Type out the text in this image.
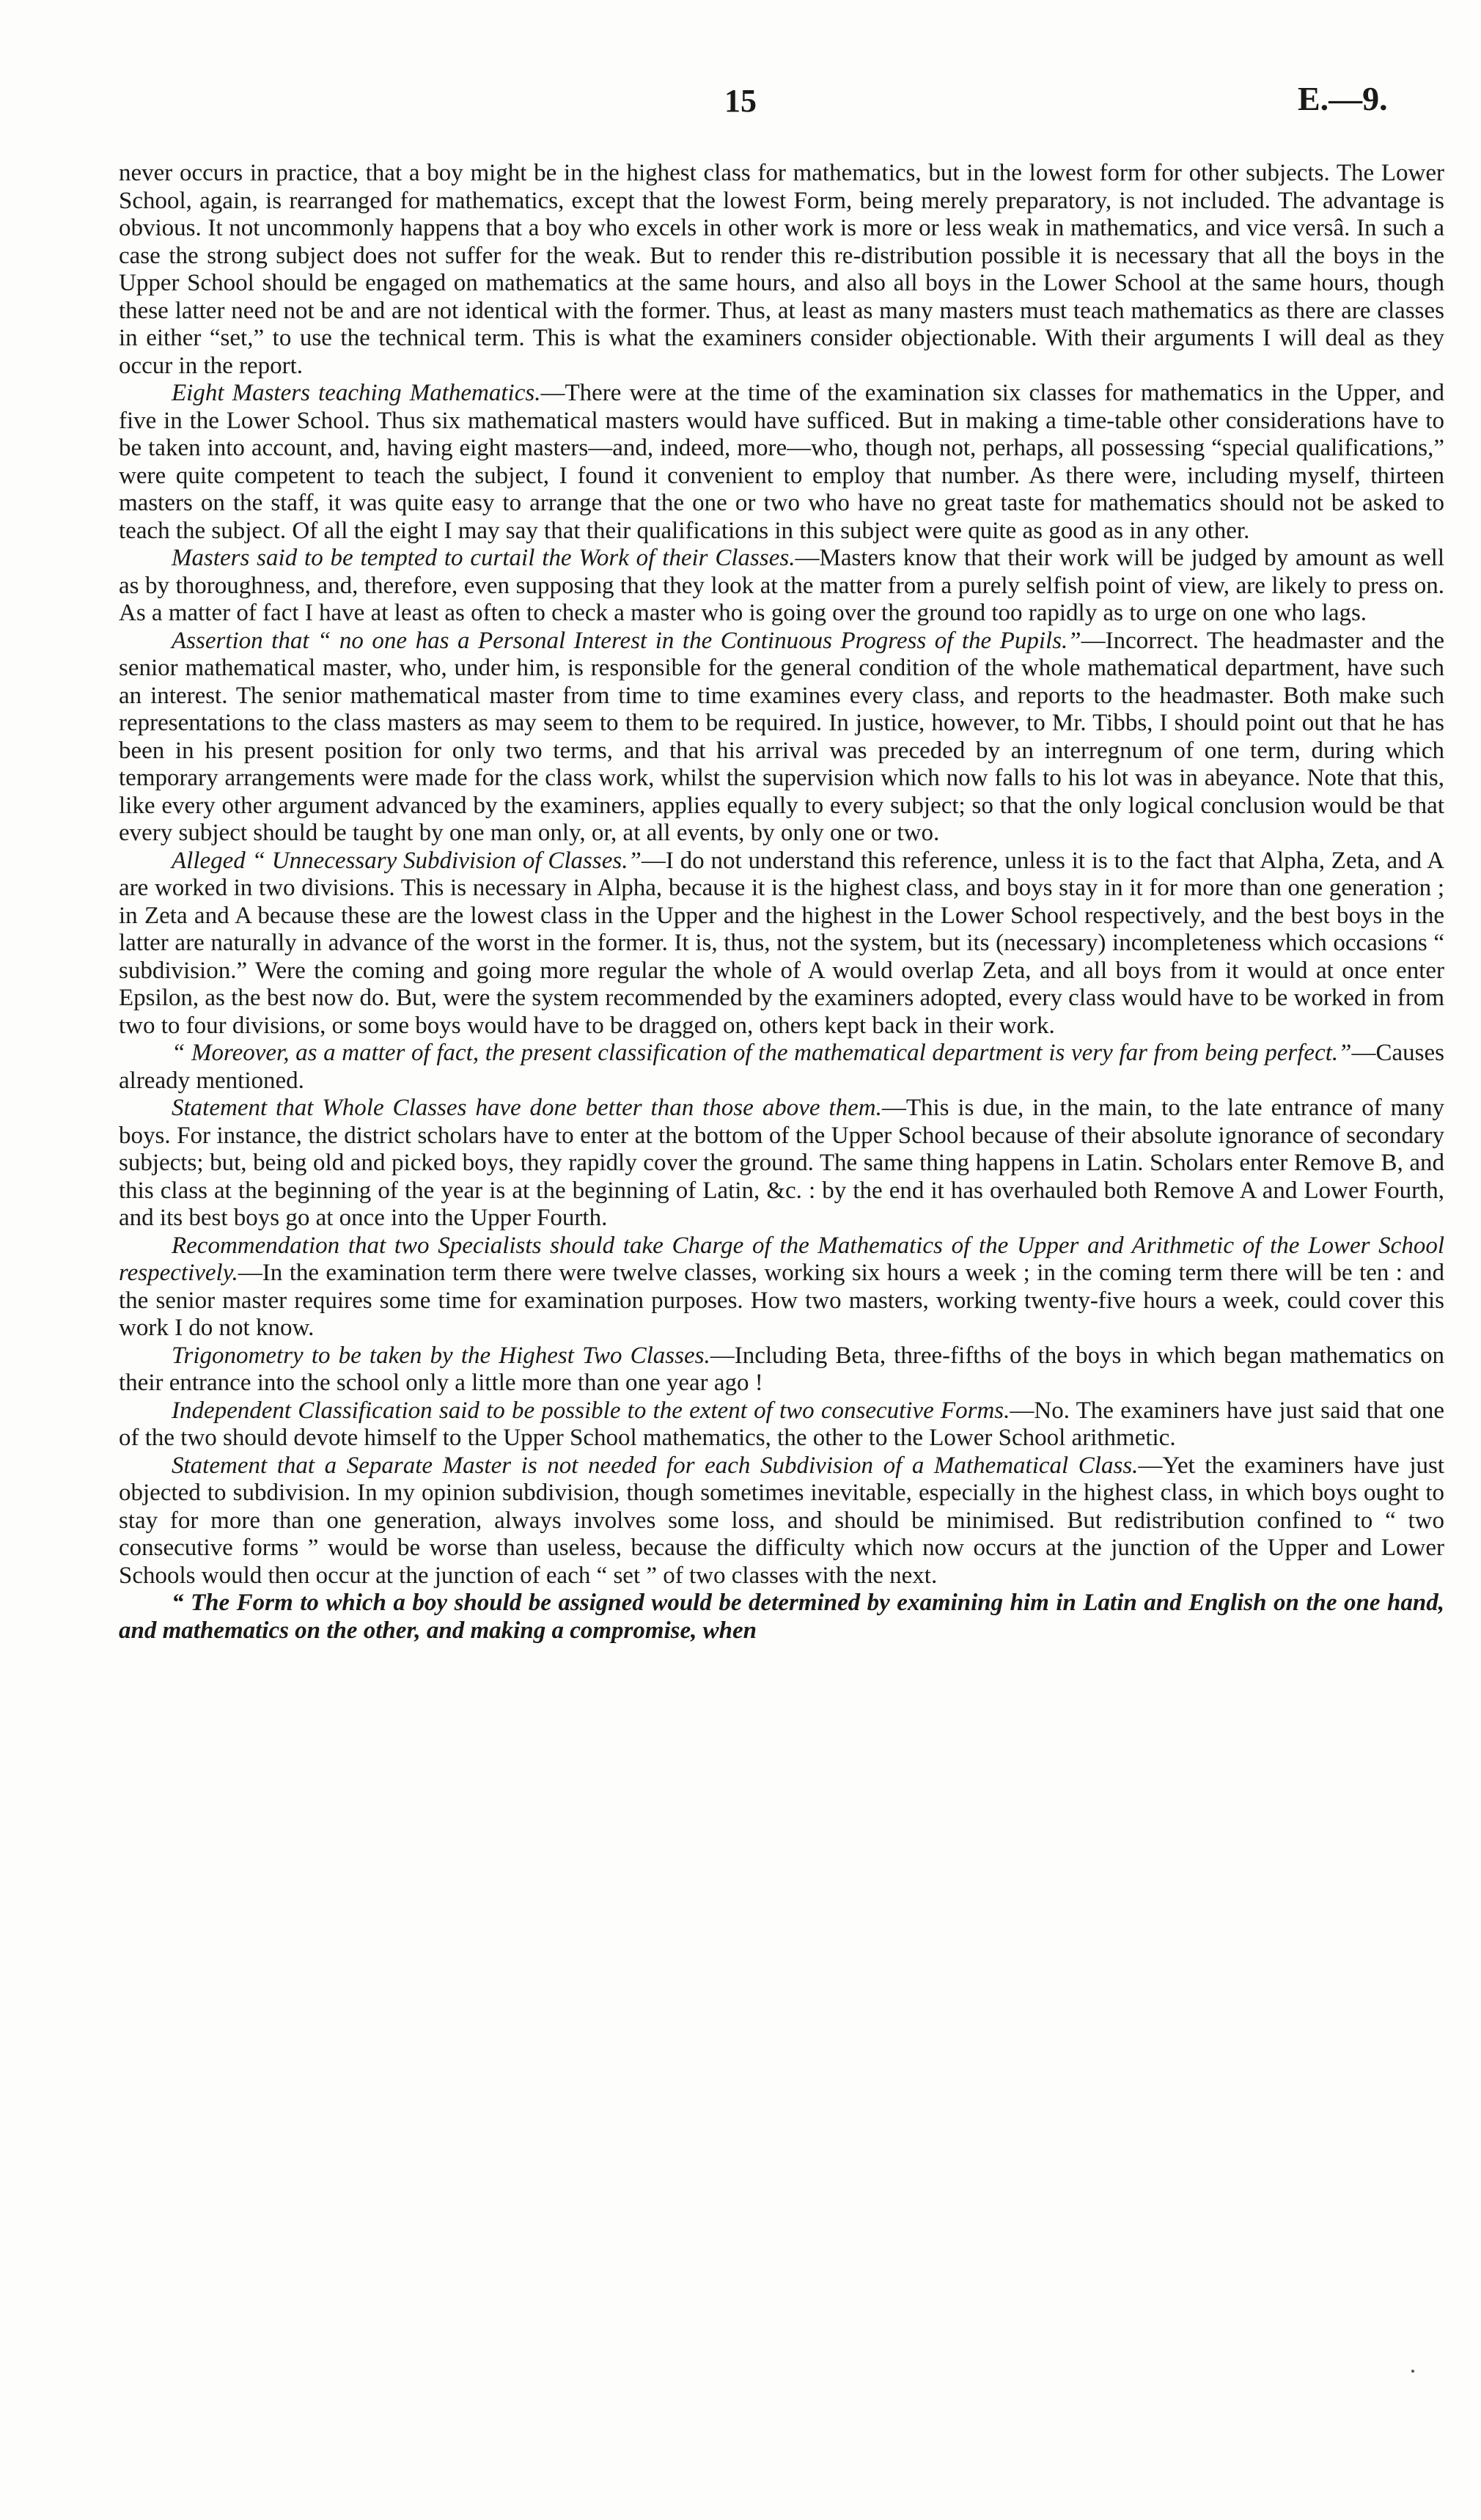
15	E.—9.

never occurs in practice, that a boy might be in the highest class for mathematics, but in the lowest form for other subjects. The Lower School, again, is rearranged for mathematics, except that the lowest Form, being merely preparatory, is not included. The advantage is obvious. It not uncommonly happens that a boy who excels in other work is more or less weak in mathematics, and vice versâ. In such a case the strong subject does not suffer for the weak. But to render this re-distribution possible it is necessary that all the boys in the Upper School should be engaged on mathematics at the same hours, and also all boys in the Lower School at the same hours, though these latter need not be and are not identical with the former. Thus, at least as many masters must teach mathematics as there are classes in either “set,” to use the technical term. This is what the examiners consider objectionable. With their arguments I will deal as they occur in the report.

Eight Masters teaching Mathematics.—There were at the time of the examination six classes for mathematics in the Upper, and five in the Lower School. Thus six mathematical masters would have sufficed. But in making a time-table other considerations have to be taken into account, and, having eight masters—and, indeed, more—who, though not, perhaps, all possessing “special qualifications,” were quite competent to teach the subject, I found it convenient to employ that number. As there were, including myself, thirteen masters on the staff, it was quite easy to arrange that the one or two who have no great taste for mathematics should not be asked to teach the subject. Of all the eight I may say that their qualifications in this subject were quite as good as in any other.

Masters said to be tempted to curtail the Work of their Classes.—Masters know that their work will be judged by amount as well as by thoroughness, and, therefore, even supposing that they look at the matter from a purely selfish point of view, are likely to press on. As a matter of fact I have at least as often to check a master who is going over the ground too rapidly as to urge on one who lags.

Assertion that “ no one has a Personal Interest in the Continuous Progress of the Pupils.”—Incorrect. The headmaster and the senior mathematical master, who, under him, is responsible for the general condition of the whole mathematical department, have such an interest. The senior mathematical master from time to time examines every class, and reports to the headmaster. Both make such representations to the class masters as may seem to them to be required. In justice, however, to Mr. Tibbs, I should point out that he has been in his present position for only two terms, and that his arrival was preceded by an interregnum of one term, during which temporary arrangements were made for the class work, whilst the supervision which now falls to his lot was in abeyance. Note that this, like every other argument advanced by the examiners, applies equally to every subject; so that the only logical conclusion would be that every subject should be taught by one man only, or, at all events, by only one or two.

Alleged “ Unnecessary Subdivision of Classes.”—I do not understand this reference, unless it is to the fact that Alpha, Zeta, and A are worked in two divisions. This is necessary in Alpha, because it is the highest class, and boys stay in it for more than one generation ; in Zeta and A because these are the lowest class in the Upper and the highest in the Lower School respectively, and the best boys in the latter are naturally in advance of the worst in the former. It is, thus, not the system, but its (necessary) incompleteness which occasions “ subdivision.” Were the coming and going more regular the whole of A would overlap Zeta, and all boys from it would at once enter Epsilon, as the best now do. But, were the system recommended by the examiners adopted, every class would have to be worked in from two to four divisions, or some boys would have to be dragged on, others kept back in their work.

“ Moreover, as a matter of fact, the present classification of the mathematical department is very far from being perfect.”—Causes already mentioned.

Statement that Whole Classes have done better than those above them.—This is due, in the main, to the late entrance of many boys. For instance, the district scholars have to enter at the bottom of the Upper School because of their absolute ignorance of secondary subjects; but, being old and picked boys, they rapidly cover the ground. The same thing happens in Latin. Scholars enter Remove B, and this class at the beginning of the year is at the beginning of Latin, &c. : by the end it has overhauled both Remove A and Lower Fourth, and its best boys go at once into the Upper Fourth.

Recommendation that two Specialists should take Charge of the Mathematics of the Upper and Arithmetic of the Lower School respectively.—In the examination term there were twelve classes, working six hours a week ; in the coming term there will be ten : and the senior master requires some time for examination purposes. How two masters, working twenty-five hours a week, could cover this work I do not know.

Trigonometry to be taken by the Highest Two Classes.—Including Beta, three-fifths of the boys in which began mathematics on their entrance into the school only a little more than one year ago !

Independent Classification said to be possible to the extent of two consecutive Forms.—No. The examiners have just said that one of the two should devote himself to the Upper School mathematics, the other to the Lower School arithmetic.

Statement that a Separate Master is not needed for each Subdivision of a Mathematical Class.—Yet the examiners have just objected to subdivision. In my opinion subdivision, though sometimes inevitable, especially in the highest class, in which boys ought to stay for more than one generation, always involves some loss, and should be minimised. But redistribution confined to “ two consecutive forms ” would be worse than useless, because the difficulty which now occurs at the junction of the Upper and Lower Schools would then occur at the junction of each “ set ” of two classes with the next.

“ The Form to which a boy should be assigned would be determined by examining him in Latin and English on the one hand, and mathematics on the other, and making a compromise, when
